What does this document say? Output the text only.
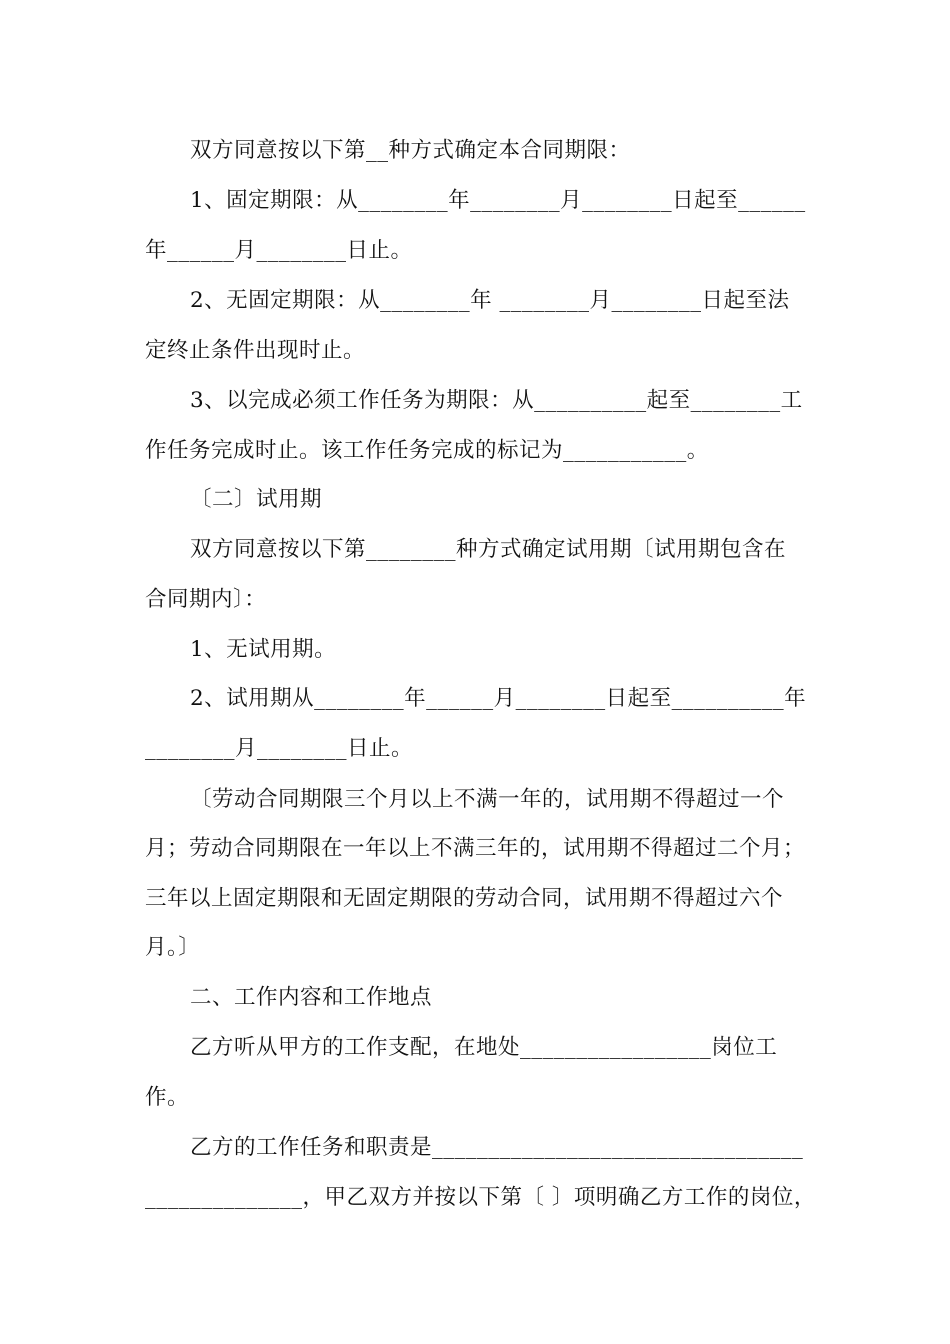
双方同意按以下第__种方式确定本合同期限：
1、固定期限：从________年________月________日起至______
年______月________日止。
2、无固定期限：从________年 ________月________日起至法
定终止条件出现时止。
3、以完成必须工作任务为期限：从__________起至________工
作任务完成时止。该工作任务完成的标记为___________。
〔二〕试用期
双方同意按以下第________种方式确定试用期〔试用期包含在
合同期内〕：
1、无试用期。
2、试用期从________年______月________日起至__________年
________月________日止。
〔劳动合同期限三个月以上不满一年的，试用期不得超过一个
月；劳动合同期限在一年以上不满三年的，试用期不得超过二个月；
三年以上固定期限和无固定期限的劳动合同，试用期不得超过六个
月。〕
二、工作内容和工作地点
乙方听从甲方的工作支配，在地处_________________岗位工
作。
乙方的工作任务和职责是_________________________________
______________，甲乙双方并按以下第〔 〕项明确乙方工作的岗位，
